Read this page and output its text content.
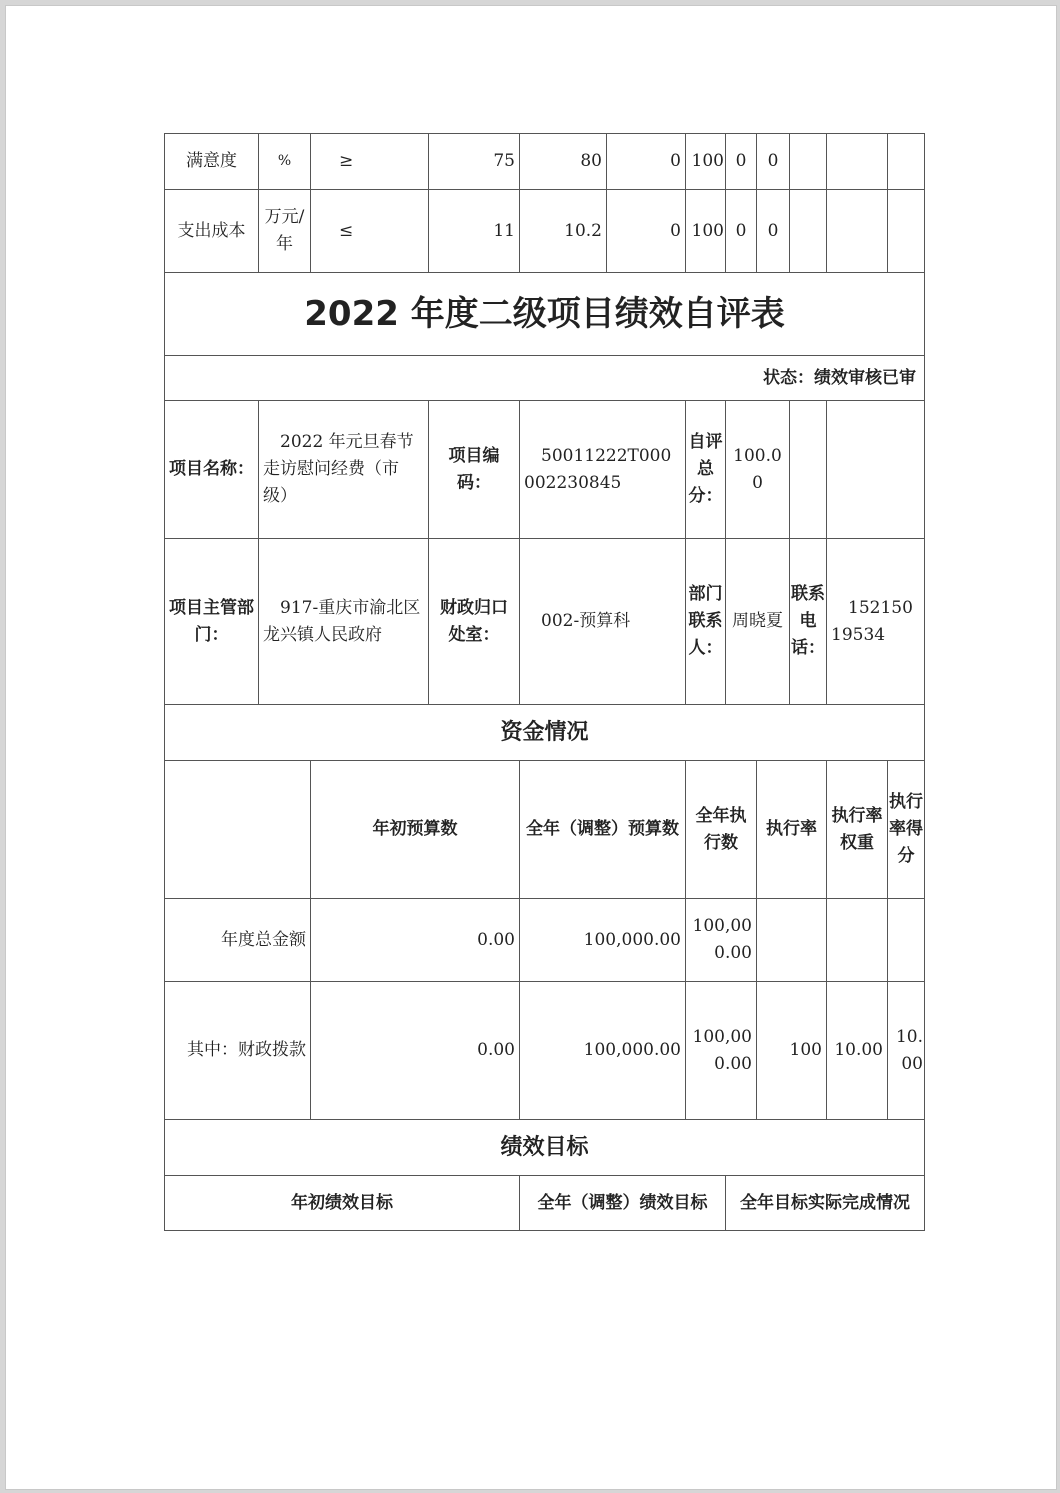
满意度	%	≥	75	80	0	100	0	0			
支出成本	万元/年	≤	11	10.2	0	100	0	0			
2022 年度二级项目绩效自评表											
状态：绩效审核已审											
项目名称：	2022 年元旦春节走访慰问经费（市级）		项目编码：	50011222T000002230845		自评总分：	100.00				
项目主管部门：	917-重庆市渝北区龙兴镇人民政府		财政归口处室：	002-预算科		部门联系人：	周晓夏		联系电话：	15215019534	
资金情况											
		年初预算数		全年（调整）预算数		全年执行数		执行率		执行率权重	执行率得分
年度总金额		0.00		100,000.00		100,000.00					
其中：财政拨款		0.00		100,000.00		100,000.00		100		10.00	10.00
绩效目标											
年初绩效目标				全年（调整）绩效目标			全年目标实际完成情况				
